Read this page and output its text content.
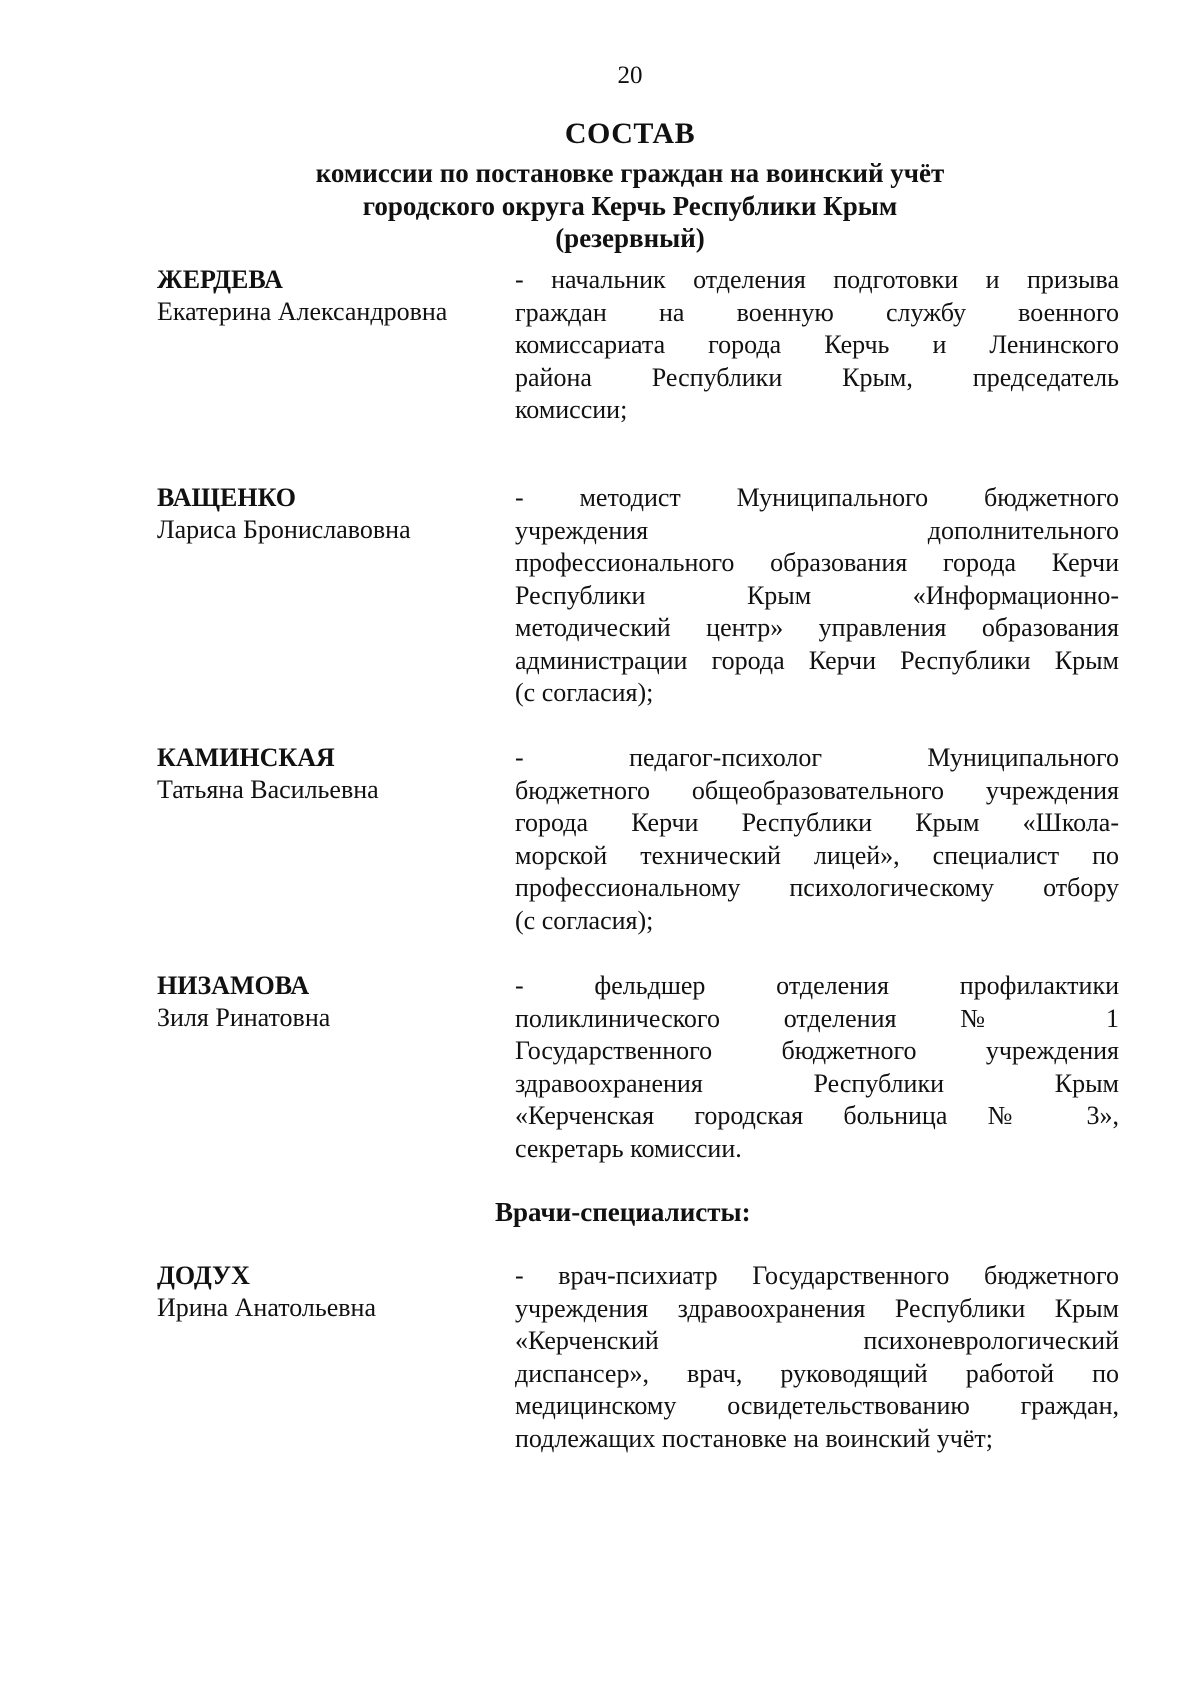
20
СОСТАВ
комиссии по постановке граждан на воинский учёт
городского округа Керчь Республики Крым
(резервный)
ЖЕРДЕВА
Екатерина Александровна
- начальник отделения подготовки и призыва
граждан на военную службу военного
комиссариата города Керчь и Ленинского
района Республики Крым, председатель
комиссии;
ВАЩЕНКО
Лариса Брониславовна
- методист Муниципального бюджетного
учреждения дополнительного
профессионального образования города Керчи
Республики Крым «Информационно-
методический центр» управления образования
администрации города Керчи Республики Крым
(с согласия);
КАМИНСКАЯ
Татьяна Васильевна
- педагог-психолог Муниципального
бюджетного общеобразовательного учреждения
города Керчи Республики Крым «Школа-
морской технический лицей», специалист по
профессиональному психологическому отбору
(с согласия);
НИЗАМОВА
Зиля Ринатовна
- фельдшер отделения профилактики
поликлинического отделения № 1
Государственного бюджетного учреждения
здравоохранения Республики Крым
«Керченская городская больница № 3»,
секретарь комиссии.
Врачи-специалисты:
ДОДУХ
Ирина Анатольевна
- врач-психиатр Государственного бюджетного
учреждения здравоохранения Республики Крым
«Керченский психоневрологический
диспансер», врач, руководящий работой по
медицинскому освидетельствованию граждан,
подлежащих постановке на воинский учёт;
